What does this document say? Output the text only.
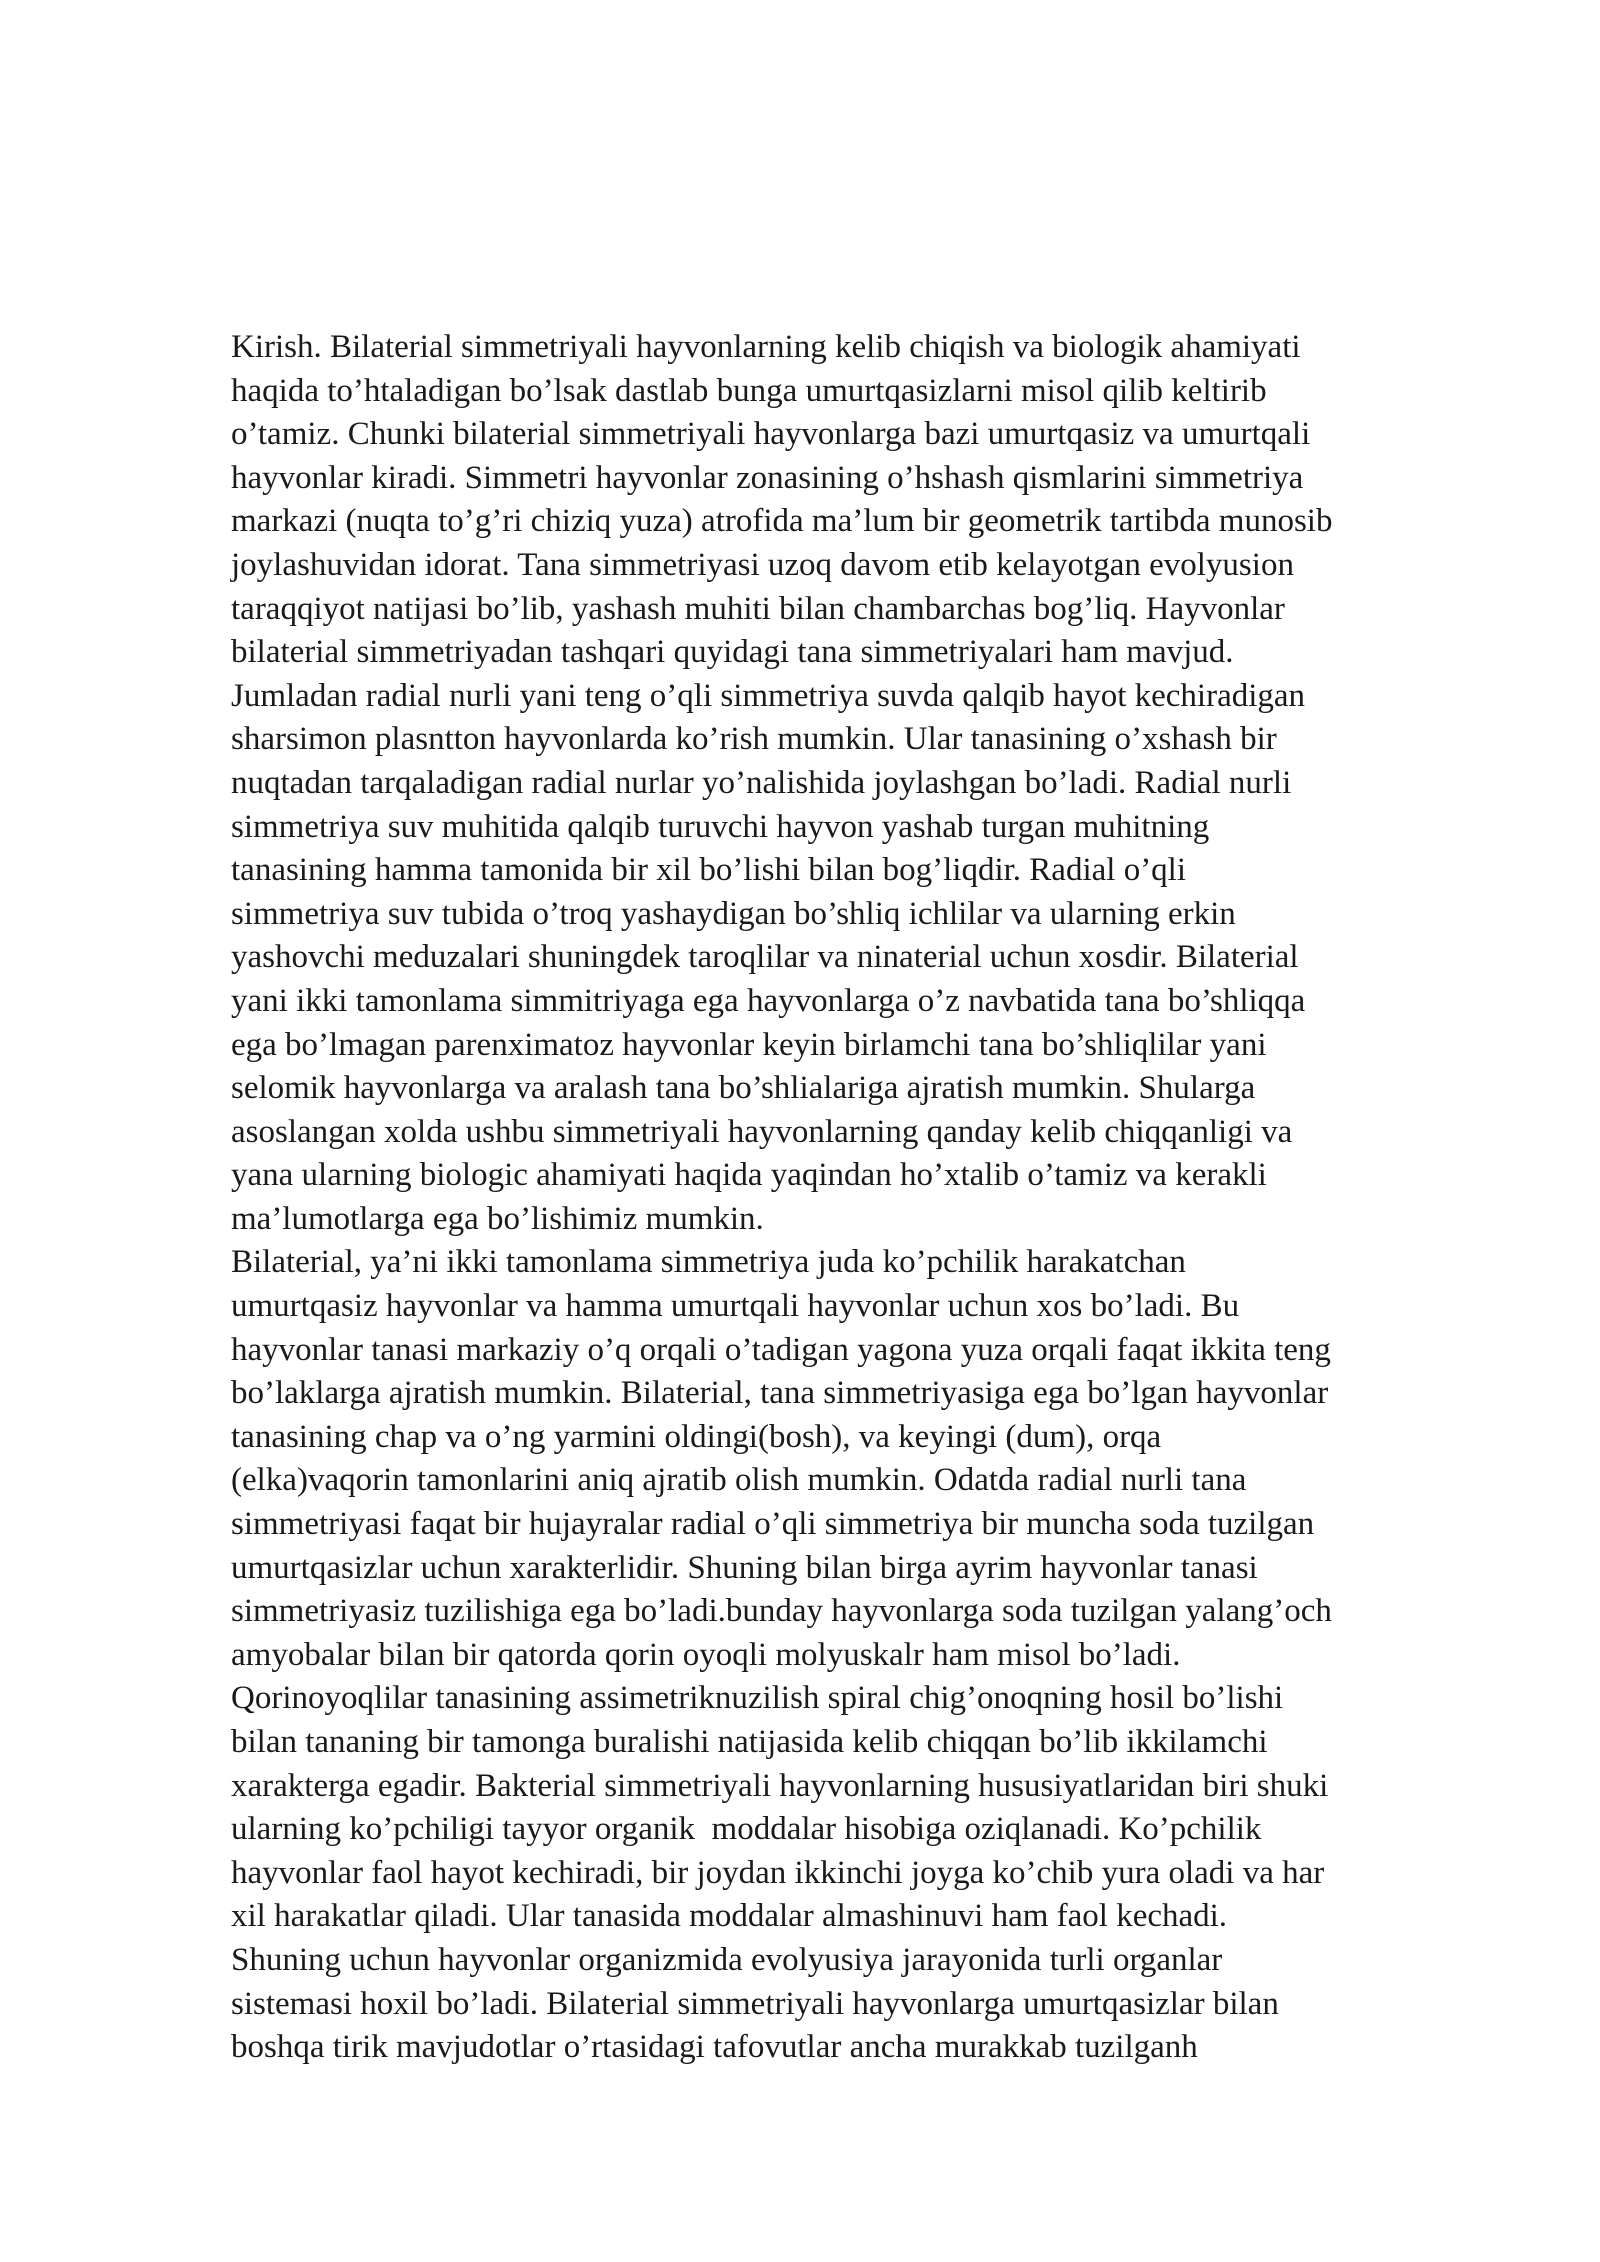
Kirish. Bilaterial simmetriyali hayvonlarning kelib chiqish va biologik ahamiyati
haqida to’htaladigan bo’lsak dastlab bunga umurtqasizlarni misol qilib keltirib
o’tamiz. Chunki bilaterial simmetriyali hayvonlarga bazi umurtqasiz va umurtqali
hayvonlar kiradi. Simmetri hayvonlar zonasining o’hshash qismlarini simmetriya
markazi (nuqta to’g’ri chiziq yuza) atrofida ma’lum bir geometrik tartibda munosib
joylashuvidan idorat. Tana simmetriyasi uzoq davom etib kelayotgan evolyusion
taraqqiyot natijasi bo’lib, yashash muhiti bilan chambarchas bog’liq. Hayvonlar
bilaterial simmetriyadan tashqari quyidagi tana simmetriyalari ham mavjud.
Jumladan radial nurli yani teng o’qli simmetriya suvda qalqib hayot kechiradigan
sharsimon plasntton hayvonlarda ko’rish mumkin. Ular tanasining o’xshash bir
nuqtadan tarqaladigan radial nurlar yo’nalishida joylashgan bo’ladi. Radial nurli
simmetriya suv muhitida qalqib turuvchi hayvon yashab turgan muhitning
tanasining hamma tamonida bir xil bo’lishi bilan bog’liqdir. Radial o’qli
simmetriya suv tubida o’troq yashaydigan bo’shliq ichlilar va ularning erkin
yashovchi meduzalari shuningdek taroqlilar va ninaterial uchun xosdir. Bilaterial
yani ikki tamonlama simmitriyaga ega hayvonlarga o’z navbatida tana bo’shliqqa
ega bo’lmagan parenximatoz hayvonlar keyin birlamchi tana bo’shliqlilar yani
selomik hayvonlarga va aralash tana bo’shlialariga ajratish mumkin. Shularga
asoslangan xolda ushbu simmetriyali hayvonlarning qanday kelib chiqqanligi va
yana ularning biologic ahamiyati haqida yaqindan ho’xtalib o’tamiz va kerakli
ma’lumotlarga ega bo’lishimiz mumkin.
Bilaterial, ya’ni ikki tamonlama simmetriya juda ko’pchilik harakatchan
umurtqasiz hayvonlar va hamma umurtqali hayvonlar uchun xos bo’ladi. Bu
hayvonlar tanasi markaziy o’q orqali o’tadigan yagona yuza orqali faqat ikkita teng
bo’laklarga ajratish mumkin. Bilaterial, tana simmetriyasiga ega bo’lgan hayvonlar
tanasining chap va o’ng yarmini oldingi(bosh), va keyingi (dum), orqa
(elka)vaqorin tamonlarini aniq ajratib olish mumkin. Odatda radial nurli tana
simmetriyasi faqat bir hujayralar radial o’qli simmetriya bir muncha soda tuzilgan
umurtqasizlar uchun xarakterlidir. Shuning bilan birga ayrim hayvonlar tanasi
simmetriyasiz tuzilishiga ega bo’ladi.bunday hayvonlarga soda tuzilgan yalang’och
amyobalar bilan bir qatorda qorin oyoqli molyuskalr ham misol bo’ladi.
Qorinoyoqlilar tanasining assimetriknuzilish spiral chig’onoqning hosil bo’lishi
bilan tananing bir tamonga buralishi natijasida kelib chiqqan bo’lib ikkilamchi
xarakterga egadir. Bakterial simmetriyali hayvonlarning hususiyatlaridan biri shuki
ularning ko’pchiligi tayyor organik  moddalar hisobiga oziqlanadi. Ko’pchilik
hayvonlar faol hayot kechiradi, bir joydan ikkinchi joyga ko’chib yura oladi va har
xil harakatlar qiladi. Ular tanasida moddalar almashinuvi ham faol kechadi.
Shuning uchun hayvonlar organizmida evolyusiya jarayonida turli organlar
sistemasi hoxil bo’ladi. Bilaterial simmetriyali hayvonlarga umurtqasizlar bilan
boshqa tirik mavjudotlar o’rtasidagi tafovutlar ancha murakkab tuzilganh
